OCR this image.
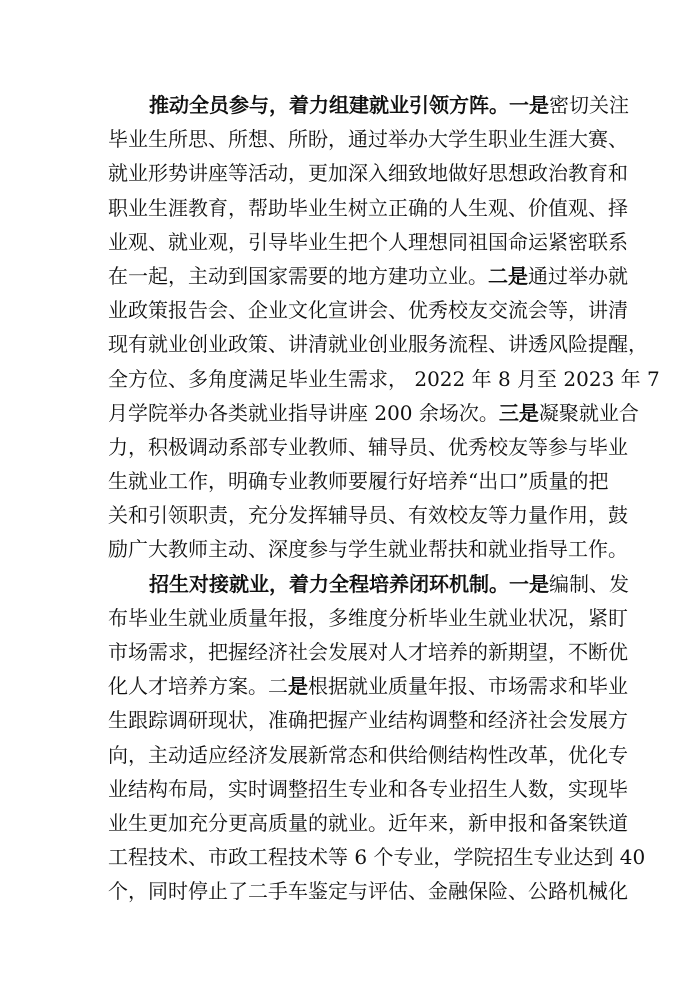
推动全员参与，着力组建就业引领方阵。一是密切关注
毕业生所思、所想、所盼，通过举办大学生职业生涯大赛、
就业形势讲座等活动，更加深入细致地做好思想政治教育和
职业生涯教育，帮助毕业生树立正确的人生观、价值观、择
业观、就业观，引导毕业生把个人理想同祖国命运紧密联系
在一起，主动到国家需要的地方建功立业。二是通过举办就
业政策报告会、企业文化宣讲会、优秀校友交流会等，讲清
现有就业创业政策、讲清就业创业服务流程、讲透风险提醒，
全方位、多角度满足毕业生需求， 2022 年 8 月至 2023 年 7
月学院举办各类就业指导讲座 200 余场次。三是凝聚就业合
力，积极调动系部专业教师、辅导员、优秀校友等参与毕业
生就业工作，明确专业教师要履行好培养“出口”质量的把
关和引领职责，充分发挥辅导员、有效校友等力量作用，鼓
励广大教师主动、深度参与学生就业帮扶和就业指导工作。
招生对接就业，着力全程培养闭环机制。一是编制、发
布毕业生就业质量年报，多维度分析毕业生就业状况，紧盯
市场需求，把握经济社会发展对人才培养的新期望，不断优
化人才培养方案。二是根据就业质量年报、市场需求和毕业
生跟踪调研现状，准确把握产业结构调整和经济社会发展方
向，主动适应经济发展新常态和供给侧结构性改革，优化专
业结构布局，实时调整招生专业和各专业招生人数，实现毕
业生更加充分更高质量的就业。近年来，新申报和备案铁道
工程技术、市政工程技术等 6 个专业，学院招生专业达到 40
个，同时停止了二手车鉴定与评估、金融保险、公路机械化
